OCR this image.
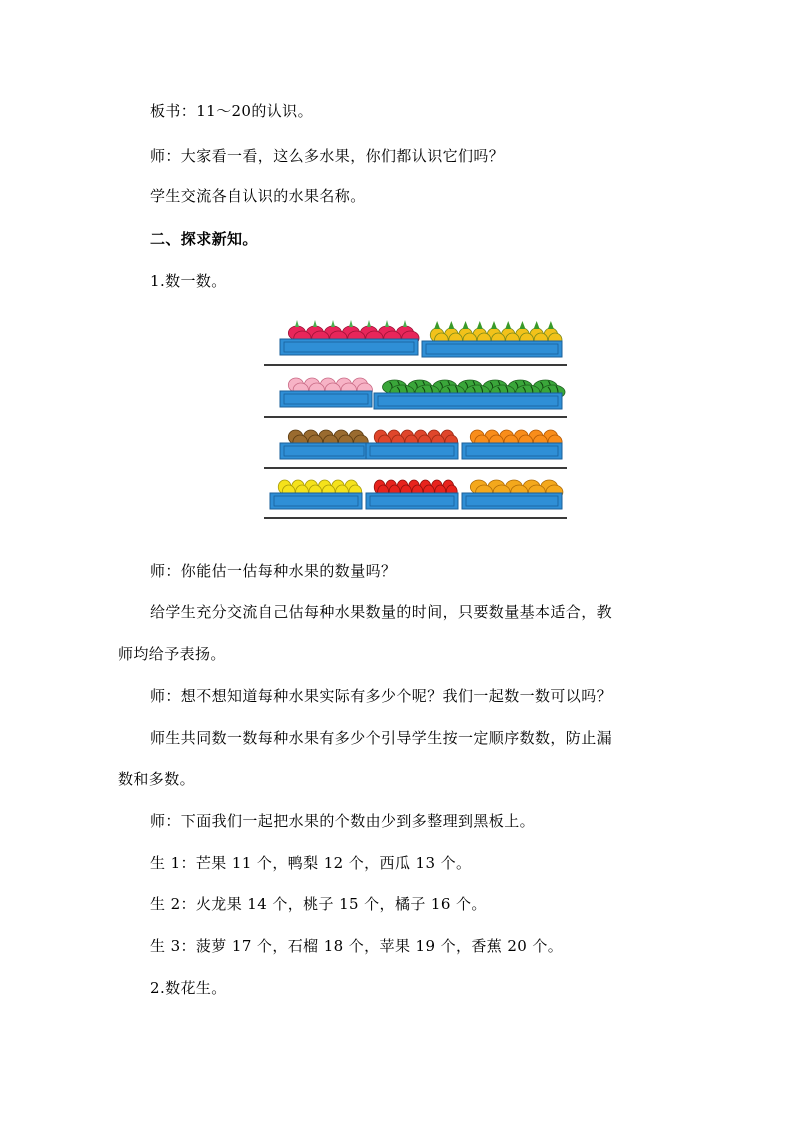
板书：11～20的认识。
师：大家看一看，这么多水果，你们都认识它们吗？
学生交流各自认识的水果名称。
二、探求新知。
1.数一数。
师：你能估一估每种水果的数量吗？
给学生充分交流自己估每种水果数量的时间，只要数量基本适合，教
师均给予表扬。
师：想不想知道每种水果实际有多少个呢？我们一起数一数可以吗？
师生共同数一数每种水果有多少个引导学生按一定顺序数数，防止漏
数和多数。
师：下面我们一起把水果的个数由少到多整理到黑板上。
生 1：芒果 11 个，鸭梨 12 个，西瓜 13 个。
生 2：火龙果 14 个，桃子 15 个，橘子 16 个。
生 3：菠萝 17 个，石榴 18 个，苹果 19 个，香蕉 20 个。
2.数花生。
